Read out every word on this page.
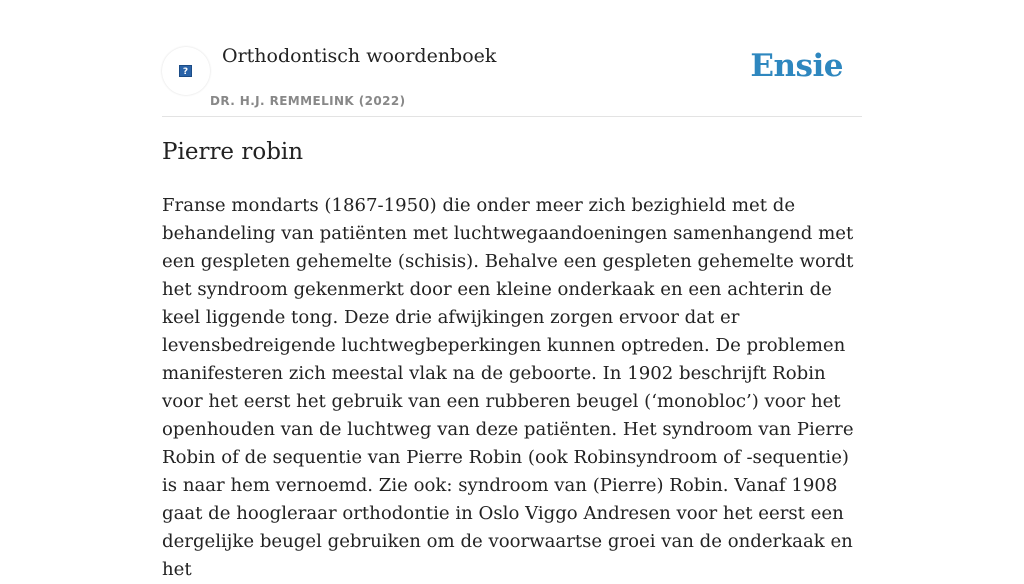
?
Orthodontisch woordenboek
DR. H.J. REMMELINK (2022)
Ensie
Pierre robin

Franse mondarts (1867-1950) die onder meer zich bezighield met de behandeling van patiënten met luchtwegaandoeningen samenhangend met een gespleten gehemelte (schisis). Behalve een gespleten gehemelte wordt het syndroom gekenmerkt door een kleine onderkaak en een achterin de keel liggende tong. Deze drie afwijkingen zorgen ervoor dat er levensbedreigende luchtwegbeperkingen kunnen optreden. De problemen manifesteren zich meestal vlak na de geboorte. In 1902 beschrijft Robin voor het eerst het gebruik van een rubberen beugel (‘monobloc’) voor het openhouden van de luchtweg van deze patiënten. Het syndroom van Pierre Robin of de sequentie van Pierre Robin (ook Robinsyndroom of -sequentie) is naar hem vernoemd. Zie ook: syndroom van (Pierre) Robin. Vanaf 1908 gaat de hoogleraar orthodontie in Oslo Viggo Andresen voor het eerst een dergelijke beugel gebruiken om de voorwaartse groei van de onderkaak en het
